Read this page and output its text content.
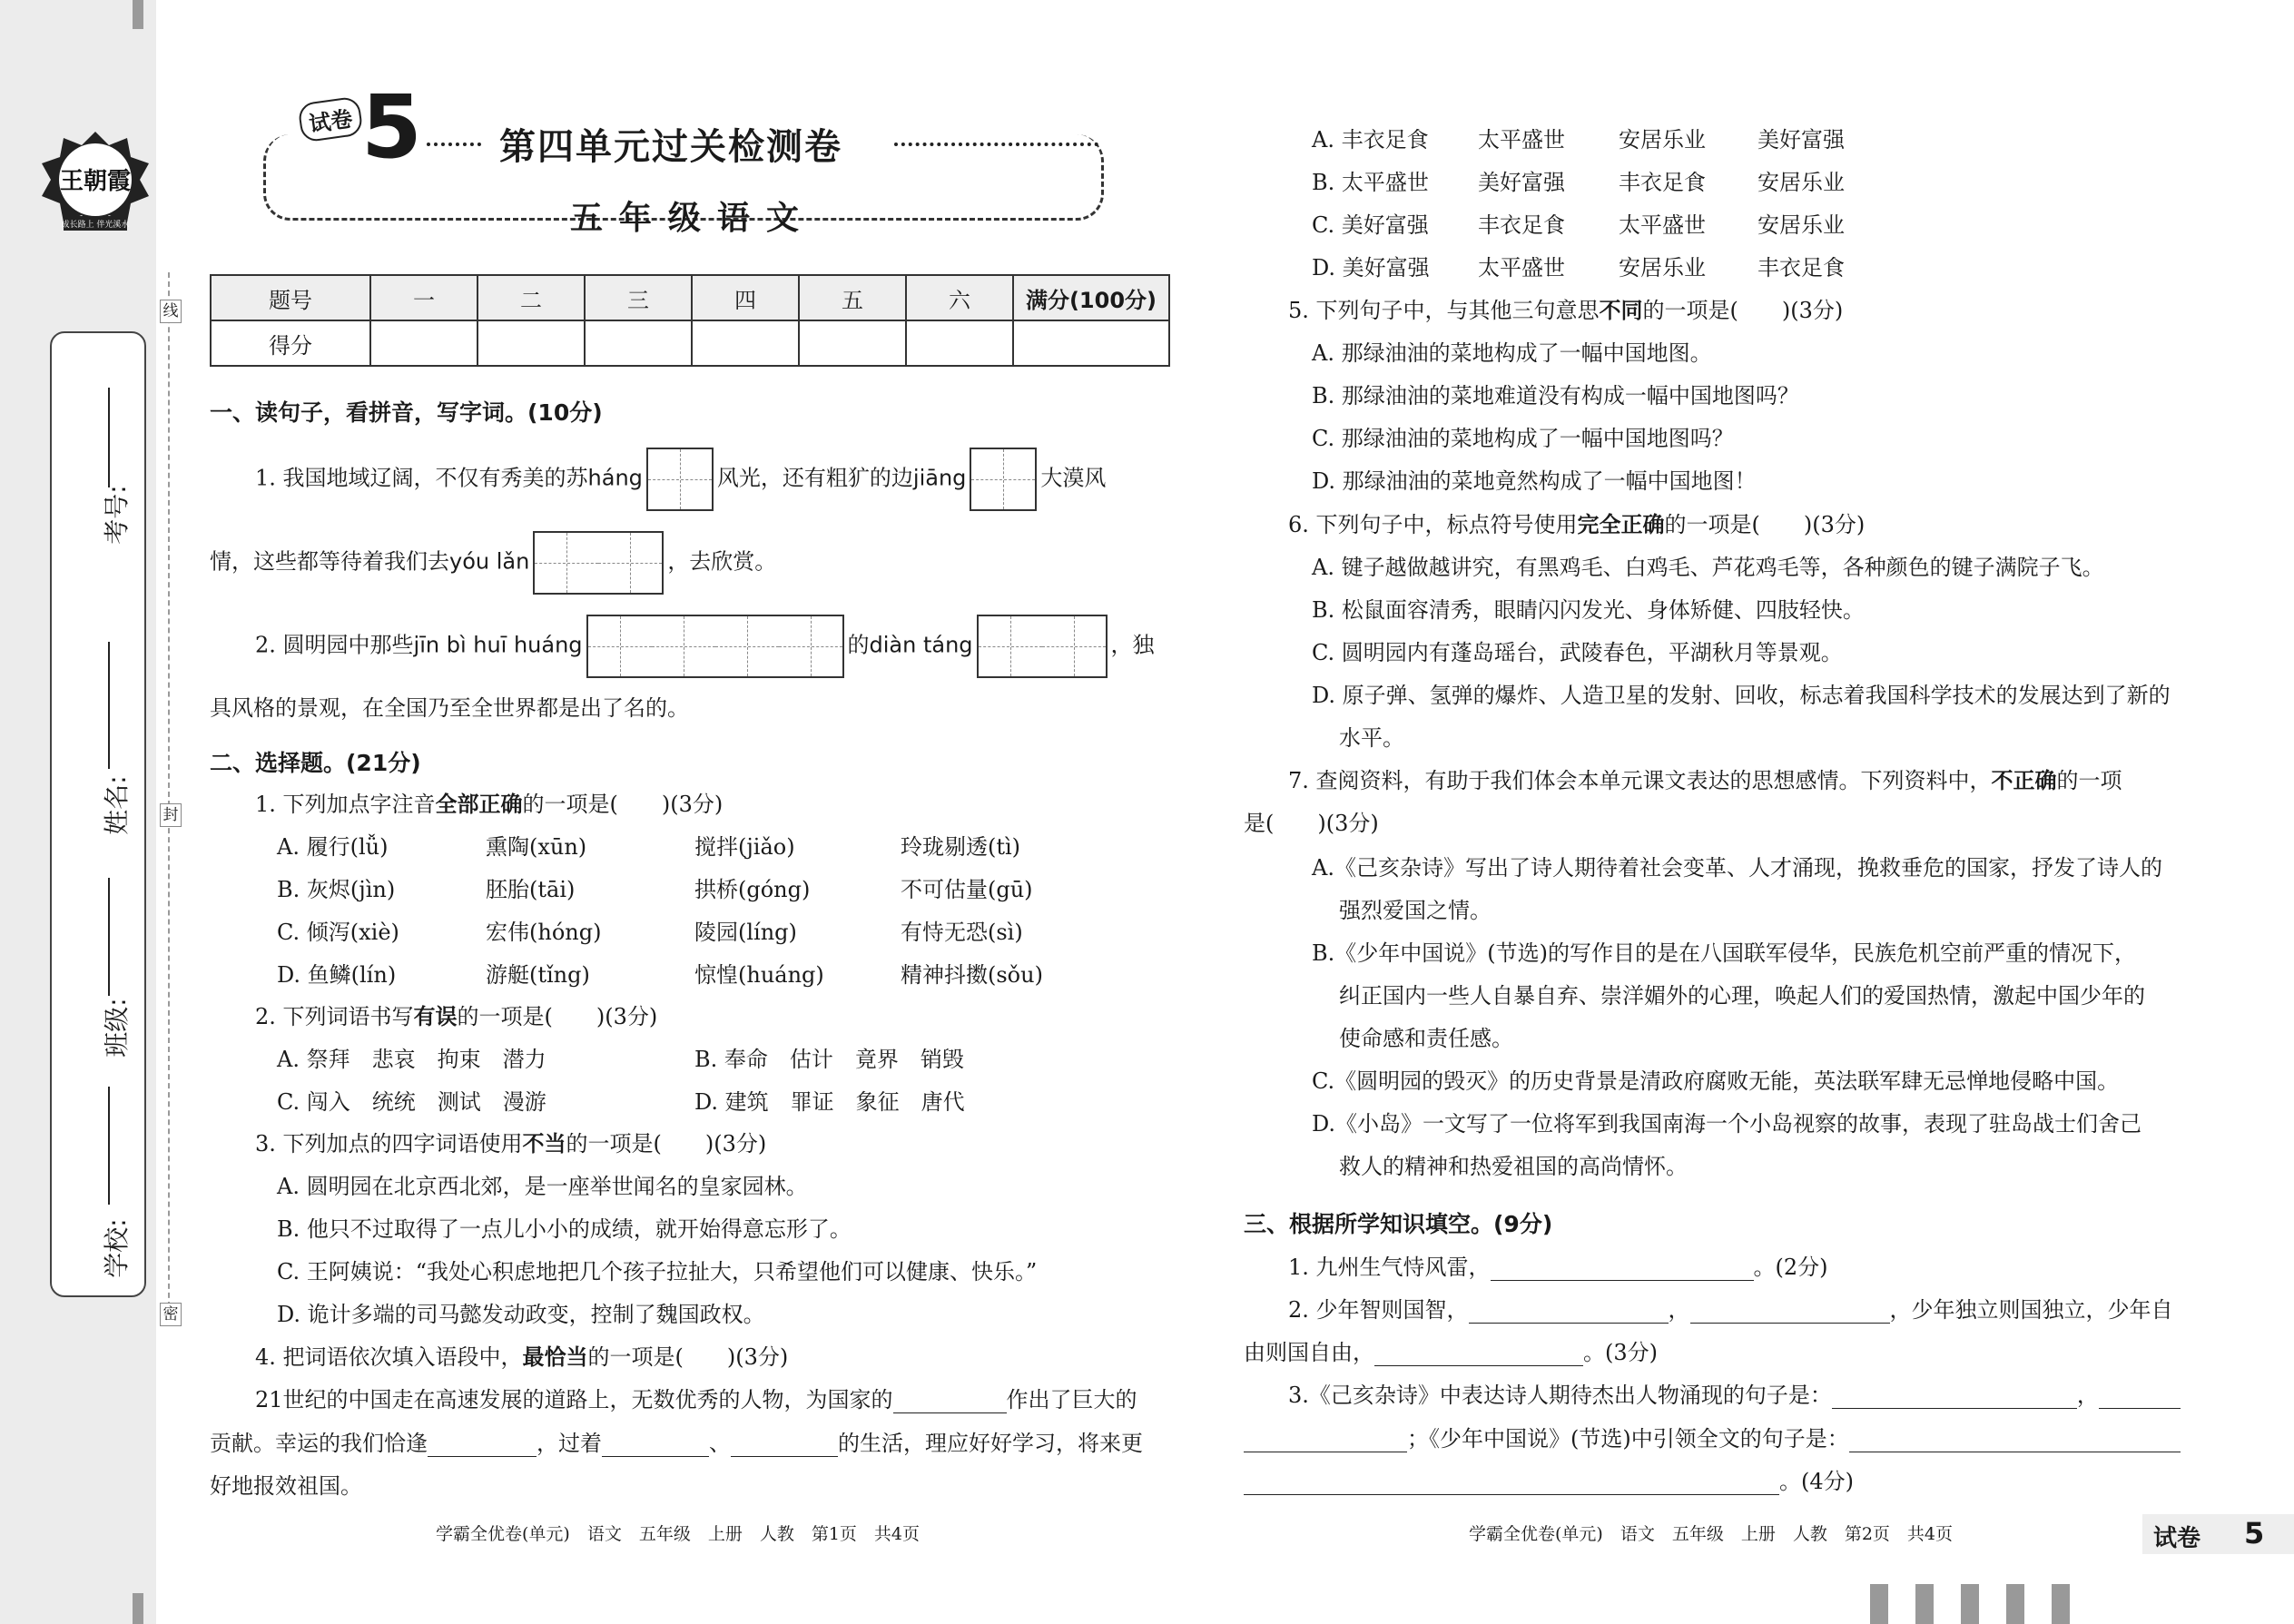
线
封
密
考号:
姓名:
班级:
学校:
王朝霞
成长路上 伴光溪水
试卷 5 第四单元过关检测卷
五年级语文
题号	一	二	三	四	五	六	满分(100分)
得分							
一、读句子，看拼音，写字词。(10分)
1. 我国地域辽阔，不仅有秀美的苏háng	风光，还有粗犷的边jiāng	大漠风
情，这些都等待着我们去yóu lǎn	，去欣赏。
2. 圆明园中那些jīn bì huī huáng	的diàn táng	，独
具风格的景观，在全国乃至全世界都是出了名的。
二、选择题。(21分)
1. 下列加点字注音全部正确的一项是(　　)(3分)
A. 履行(lǚ)	熏陶(xūn)	搅拌(jiǎo)	玲珑剔透(tì)
B. 灰烬(jìn)	胚胎(tāi)	拱桥(góng)	不可估量(gū)
C. 倾泻(xiè)	宏伟(hóng)	陵园(líng)	有恃无恐(sì)
D. 鱼鳞(lín)	游艇(tǐng)	惊惶(huáng)	精神抖擞(sǒu)
2. 下列词语书写有误的一项是(　　)(3分)
A. 祭拜　悲哀　拘束　潜力	B. 奉命　估计　竟界　销毁
C. 闯入　统统　测试　漫游	D. 建筑　罪证　象征　唐代
3. 下列加点的四字词语使用不当的一项是(　　)(3分)
A. 圆明园在北京西北郊，是一座举世闻名的皇家园林。
B. 他只不过取得了一点儿小小的成绩，就开始得意忘形了。
C. 王阿姨说：“我处心积虑地把几个孩子拉扯大，只希望他们可以健康、快乐。”
D. 诡计多端的司马懿发动政变，控制了魏国政权。
4. 把词语依次填入语段中，最恰当的一项是(　　)(3分)
21世纪的中国走在高速发展的道路上，无数优秀的人物，为国家的	作出了巨大的
贡献。幸运的我们恰逢	，过着	、	的生活，理应好好学习，将来更
好地报效祖国。
A. 丰衣足食 太平盛世 安居乐业 美好富强
B. 太平盛世 美好富强 丰衣足食 安居乐业
C. 美好富强 丰衣足食 太平盛世 安居乐业
D. 美好富强 太平盛世 安居乐业 丰衣足食
5. 下列句子中，与其他三句意思不同的一项是(　　)(3分)
A. 那绿油油的菜地构成了一幅中国地图。
B. 那绿油油的菜地难道没有构成一幅中国地图吗？
C. 那绿油油的菜地构成了一幅中国地图吗？
D. 那绿油油的菜地竟然构成了一幅中国地图！
6. 下列句子中，标点符号使用完全正确的一项是(　　)(3分)
A. 键子越做越讲究，有黑鸡毛、白鸡毛、芦花鸡毛等，各种颜色的键子满院子飞。
B. 松鼠面容清秀，眼睛闪闪发光、身体矫健、四肢轻快。
C. 圆明园内有蓬岛瑶台，武陵春色，平湖秋月等景观。
D. 原子弹、氢弹的爆炸、人造卫星的发射、回收，标志着我国科学技术的发展达到了新的
水平。
7. 查阅资料，有助于我们体会本单元课文表达的思想感情。下列资料中，不正确的一项
是(　　)(3分)
A.《己亥杂诗》写出了诗人期待着社会变革、人才涌现，挽救垂危的国家，抒发了诗人的
强烈爱国之情。
B.《少年中国说》(节选)的写作目的是在八国联军侵华，民族危机空前严重的情况下，
纠正国内一些人自暴自弃、崇洋媚外的心理，唤起人们的爱国热情，激起中国少年的
使命感和责任感。
C.《圆明园的毁灭》的历史背景是清政府腐败无能，英法联军肆无忌惮地侵略中国。
D.《小岛》一文写了一位将军到我国南海一个小岛视察的故事，表现了驻岛战士们舍己
救人的精神和热爱祖国的高尚情怀。
三、根据所学知识填空。(9分)
1. 九州生气恃风雷，	。(2分)
2. 少年智则国智，	，	，少年独立则国独立，少年自
由则国自由，	。(3分)
3.《己亥杂诗》中表达诗人期待杰出人物涌现的句子是：	，
；《少年中国说》(节选)中引领全文的句子是：
。(4分)
学霸全优卷(单元)　语文　五年级　上册　人教　第1页　共4页	学霸全优卷(单元)　语文　五年级　上册　人教　第2页　共4页	试卷 5
